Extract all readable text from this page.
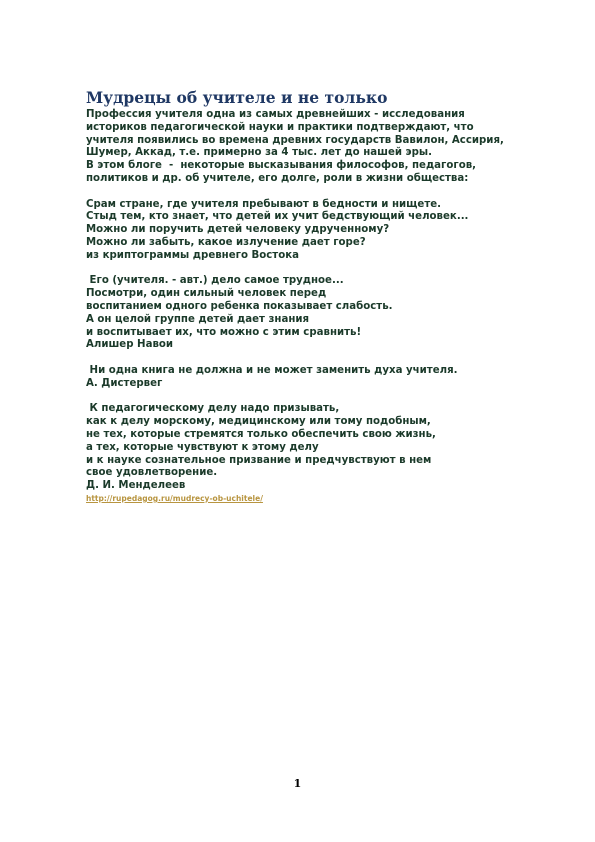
Мудрецы об учителе и не только
Профессия учителя одна из самых древнейших - исследования
историков педагогической науки и практики подтверждают, что
учителя появились во времена древних государств Вавилон, Ассирия,
Шумер, Аккад, т.е. примерно за 4 тыс. лет до нашей эры.
В этом блоге  -  некоторые высказывания философов, педагогов,
политиков и др. об учителе, его долге, роли в жизни общества:
Срам стране, где учителя пребывают в бедности и нищете.
Стыд тем, кто знает, что детей их учит бедствующий человек...
Можно ли поручить детей человеку удрученному?
Можно ли забыть, какое излучение дает горе?
из криптограммы древнего Востока
Его (учителя. - авт.) дело самое трудное...
Посмотри, один сильный человек перед
воспитанием одного ребенка показывает слабость.
А он целой группе детей дает знания
и воспитывает их, что можно с этим сравнить!
Алишер Навои
Ни одна книга не должна и не может заменить духа учителя.
А. Дистервег
К педагогическому делу надо призывать,
как к делу морскому, медицинскому или тому подобным,
не тех, которые стремятся только обеспечить свою жизнь,
а тех, которые чувствуют к этому делу
и к науке сознательное призвание и предчувствуют в нем
свое удовлетворение.
Д. И. Менделеев
http://rupedagog.ru/mudrecy-ob-uchitele/
1
